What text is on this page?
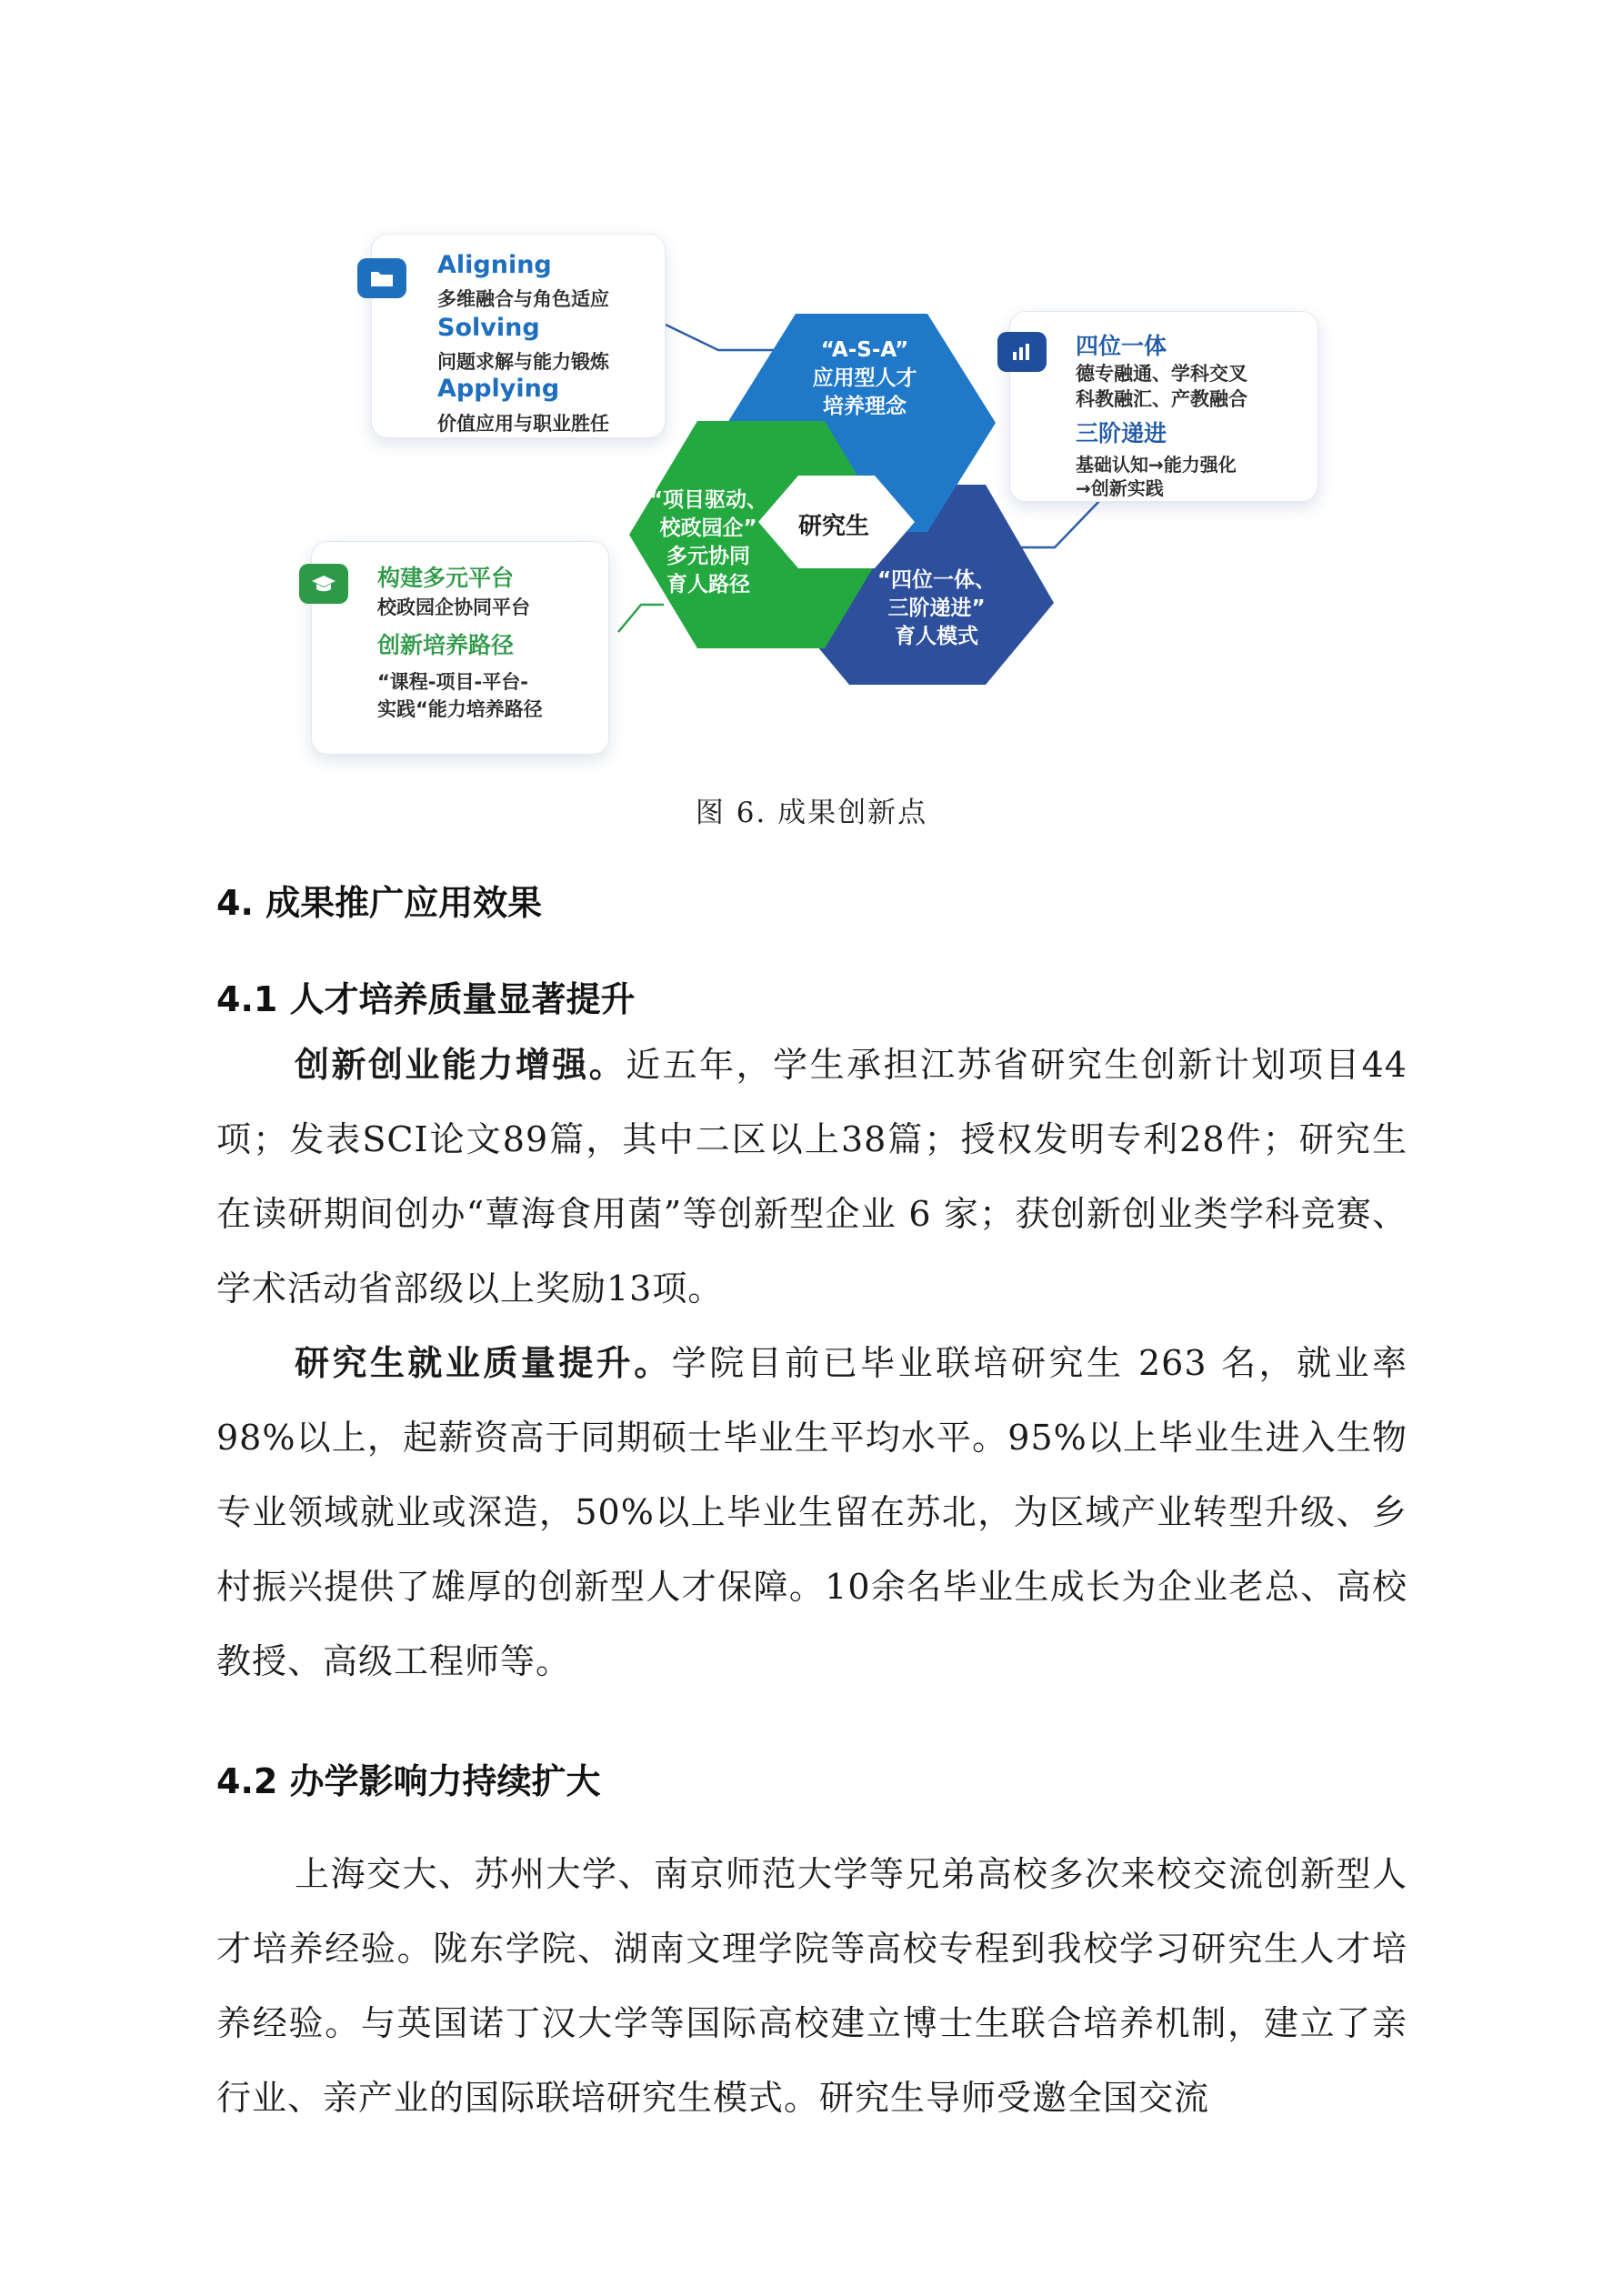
“A-S-A”
应用型人才
培养理念
“项目驱动、
校政园企”
多元协同
育人路径	“四位一体、
三阶递进”
育人模式
研究生
Aligning
多维融合与角色适应
Solving
问题求解与能力锻炼
Applying
价值应用与职业胜任
四位一体
德专融通、学科交叉
科教融汇、产教融合
三阶递进
基础认知→能力强化
→创新实践
构建多元平台
校政园企协同平台
创新培养路径
“课程-项目-平台-
实践“能力培养路径
图 6. 成果创新点
4. 成果推广应用效果
4.1 人才培养质量显著提升
创新创业能力增强。近五年，学生承担江苏省研究生创新计划项目44项；发表SCI论文89篇，其中二区以上38篇；授权发明专利28件；研究生在读研期间创办“蕈海食用菌”等创新型企业 6 家；获创新创业类学科竞赛、学术活动省部级以上奖励13项。
研究生就业质量提升。学院目前已毕业联培研究生 263 名，就业率98%以上，起薪资高于同期硕士毕业生平均水平。95%以上毕业生进入生物专业领域就业或深造，50%以上毕业生留在苏北，为区域产业转型升级、乡村振兴提供了雄厚的创新型人才保障。10余名毕业生成长为企业老总、高校教授、高级工程师等。
4.2 办学影响力持续扩大
上海交大、苏州大学、南京师范大学等兄弟高校多次来校交流创新型人才培养经验。陇东学院、湖南文理学院等高校专程到我校学习研究生人才培养经验。与英国诺丁汉大学等国际高校建立博士生联合培养机制，建立了亲行业、亲产业的国际联培研究生模式。研究生导师受邀全国交流
